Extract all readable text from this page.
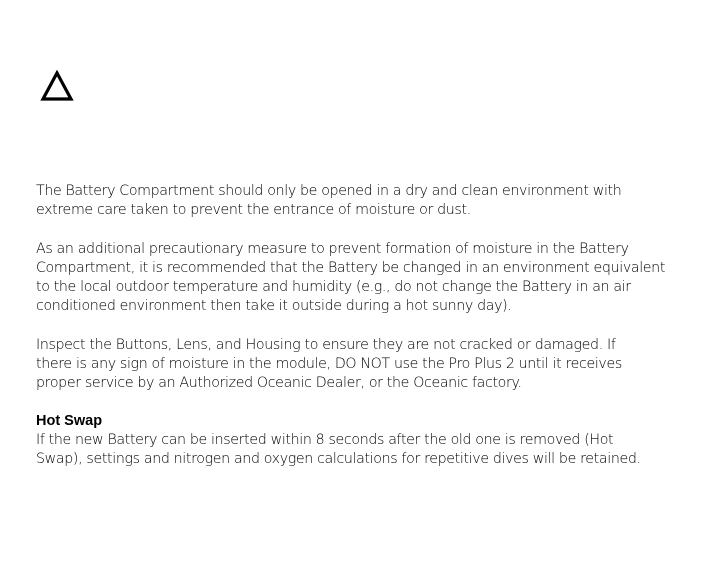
The Battery Compartment should only be opened in a dry and clean environment with
extreme care taken to prevent the entrance of moisture or dust.

As an additional precautionary measure to prevent formation of moisture in the Battery
Compartment, it is recommended that the Battery be changed in an environment equivalent
to the local outdoor temperature and humidity (e.g., do not change the Battery in an air
conditioned environment then take it outside during a hot sunny day).

Inspect the Buttons, Lens, and Housing to ensure they are not cracked or damaged. If
there is any sign of moisture in the module, DO NOT use the Pro Plus 2 until it receives
proper service by an Authorized Oceanic Dealer, or the Oceanic factory.

Hot Swap

If the new Battery can be inserted within 8 seconds after the old one is removed (Hot
Swap), settings and nitrogen and oxygen calculations for repetitive dives will be retained.
